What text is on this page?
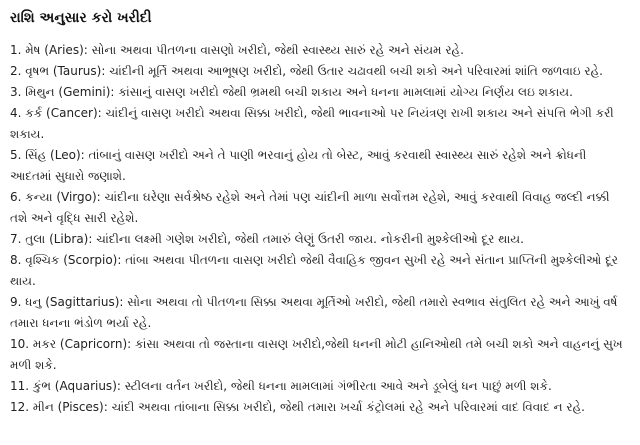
રાશિ અનુસાર કરો ખરીદી
1. મેષ (Aries): સોના અથવા પીતળના વાસણો ખરીદો, જેથી સ્વાસ્થ્ય સારું રહે અને સંયમ રહે.
2. વૃષભ (Taurus): ચાંદીની મૂર્તિ અથવા આભૂષણ ખરીદો, જેથી ઉતાર ચઢાવથી બચી શકો અને પરિવારમાં શાંતિ જળવાઇ રહે.
3. મિથુન (Gemini): કાંસાનું વાસણ ખરીદો જેથી ભ્રમથી બચી શકાય અને ધનના મામલામાં યોગ્ય નિર્ણય લઇ શકાય.
4. કર્ક (Cancer): ચાંદીનું વાસણ ખરીદો અથવા સિક્કા ખરીદો, જેથી ભાવનાઓ પર નિયંત્રણ રાખી શકાય અને સંપત્તિ ભેગી કરી શકાય.
5. સિંહ (Leo): તાંબાનું વાસણ ખરીદો અને તે પાણી ભરવાનું હોય તો બેસ્ટ, આવું કરવાથી સ્વાસ્થ્ય સારું રહેશે અને ક્રોધની આદતમાં સુધારો જણાશે.
6. કન્યા (Virgo): ચાંદીના ઘરેણા સર્વશ્રેષ્ઠ રહેશે અને તેમાં પણ ચાંદીની માળા સર્વોત્તમ રહેશે, આવું કરવાથી વિવાહ જલ્દી નક્કી તશે અને વૃદ્ધિ સારી રહેશે.
7. તુલા (Libra): ચાંદીના લક્ષ્મી ગણેશ ખરીદો, જેથી તમારું લેણું ઉતરી જાય. નોકરીની મુશ્કેલીઓ દૂર થાય.
8. વૃશ્ચિક (Scorpio): તાંબા અથવા પીતળના વાસણ ખરીદો જેથી વૈવાહિક જીવન સુખી રહે અને સંતાન પ્રાપ્તિની મુશ્કેલીઓ દૂર થાય.
9. ધનુ (Sagittarius): સોના અથવા તો પીતળના સિક્કા અથવા મૂર્તિઓ ખરીદો, જેથી તમારો સ્વભાવ સંતુલિત રહે અને આખું વર્ષ તમારા ધનના ભંડોળ ભર્યા રહે.
10. મકર (Capricorn): કાંસા અથવા તો જસ્તાના વાસણ ખરીદો,જેથી ધનની મોટી હાનિઓથી તમે બચી શકો અને વાહનનું સુખ મળી શકે.
11. કુંભ (Aquarius): સ્ટીલના વર્તન ખરીદો, જેથી ધનના મામલામાં ગંભીરતા આવે અને ડૂબેલું ધન પાછું મળી શકે.
12. મીન (Pisces): ચાંદી અથવા તાંબાના સિક્કા ખરીદો, જેથી તમારા ખર્ચા કંટ્રોલમાં રહે અને પરિવારમાં વાદ વિવાદ ન રહે.
